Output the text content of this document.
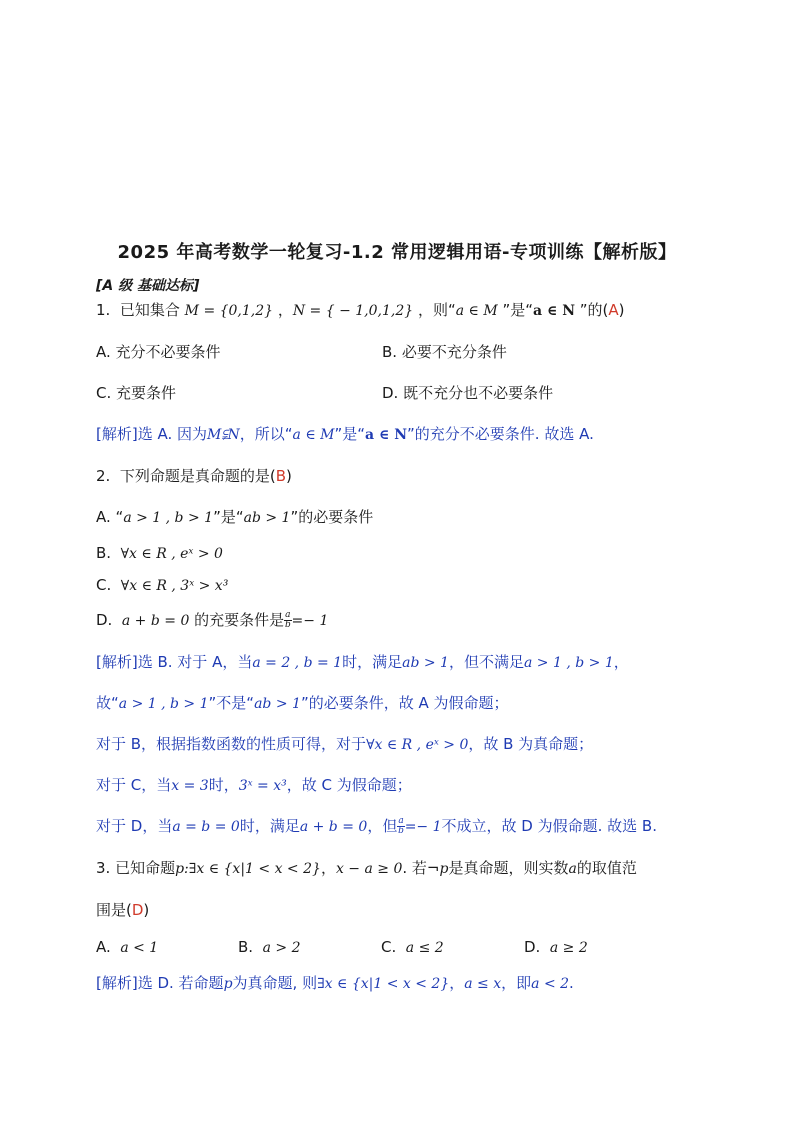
2025 年高考数学一轮复习-1.2 常用逻辑用语-专项训练【解析版】
[A 级 基础达标]
1. 已知集合 M = {0,1,2} ，N = { − 1,0,1,2} ，则“a ∈ M ”是“a ∈ N ”的(A)
A. 充分不必要条件	B. 必要不充分条件
C. 充要条件	D. 既不充分也不必要条件
[解析]选 A. 因为M⫋N，所以“a ∈ M”是“a ∈ N”的充分不必要条件. 故选 A.
2. 下列命题是真命题的是(B)
A. “a > 1 , b > 1”是“ab > 1”的必要条件
B. ∀x ∈ R , eˣ > 0
C. ∀x ∈ R , 3ˣ > x³
D. a + b = 0 的充要条件是 $\frac{a}{b} =- 1$
[解析]选 B. 对于 A，当a = 2 , b = 1时，满足ab > 1，但不满足a > 1 , b > 1，
故“a > 1 , b > 1”不是“ab > 1”的必要条件，故 A 为假命题；
对于 B，根据指数函数的性质可得，对于∀x ∈ R , eˣ > 0，故 B 为真命题；
对于 C，当x = 3时，3ˣ = x³，故 C 为假命题；
对于 D，当a = b = 0时，满足a + b = 0，但 $\frac{a}{b} =- 1$不成立，故 D 为假命题. 故选 B.
3. 已知命题p:∃x ∈ {x|1 < x < 2}，x − a ≥ 0. 若¬p是真命题，则实数a的取值范
围是(D)
A. a < 1	B. a > 2	C. a ≤ 2	D. a ≥ 2
[解析]选 D. 若命题p为真命题, 则∃x ∈ {x|1 < x < 2}，a ≤ x，即a < 2.
